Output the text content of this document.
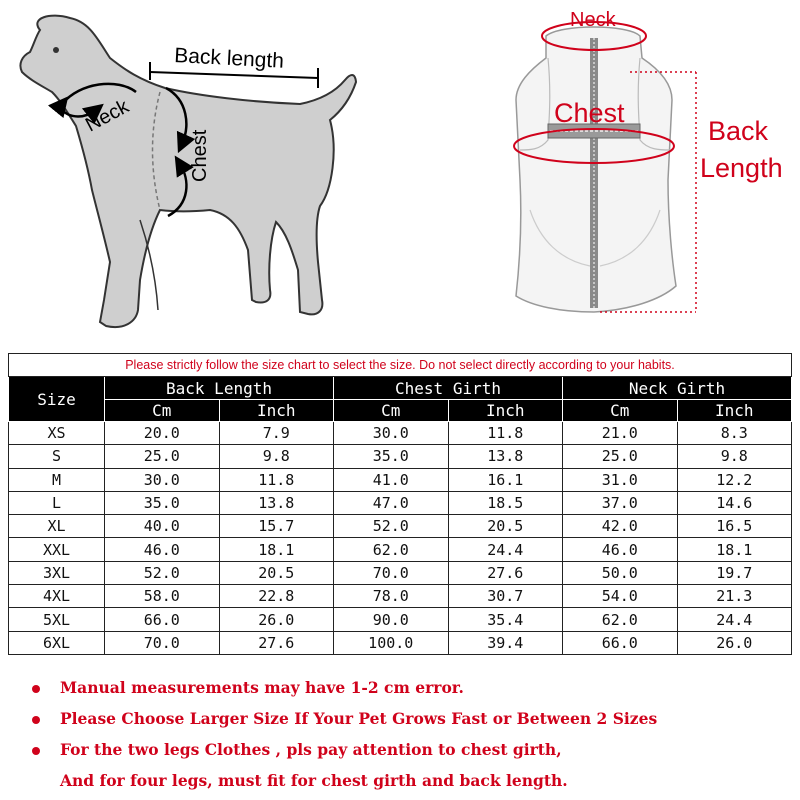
Back length
Neck
Chest
Neck
Chest
Back
Length
Please strictly follow the size chart to select the size. Do not select directly according to your habits.						
Size	Back Length		Chest Girth		Neck Girth	
	Cm	Inch	Cm	Inch	Cm	Inch
XS	20.0	7.9	30.0	11.8	21.0	8.3
S	25.0	9.8	35.0	13.8	25.0	9.8
M	30.0	11.8	41.0	16.1	31.0	12.2
L	35.0	13.8	47.0	18.5	37.0	14.6
XL	40.0	15.7	52.0	20.5	42.0	16.5
XXL	46.0	18.1	62.0	24.4	46.0	18.1
3XL	52.0	20.5	70.0	27.6	50.0	19.7
4XL	58.0	22.8	78.0	30.7	54.0	21.3
5XL	66.0	26.0	90.0	35.4	62.0	24.4
6XL	70.0	27.6	100.0	39.4	66.0	26.0
Manual measurements may have 1-2 cm error.
Please Choose Larger Size If Your Pet Grows Fast or Between 2 Sizes
For the two legs Clothes , pls pay attention to chest girth,
And for four legs, must fit for chest girth and back length.
